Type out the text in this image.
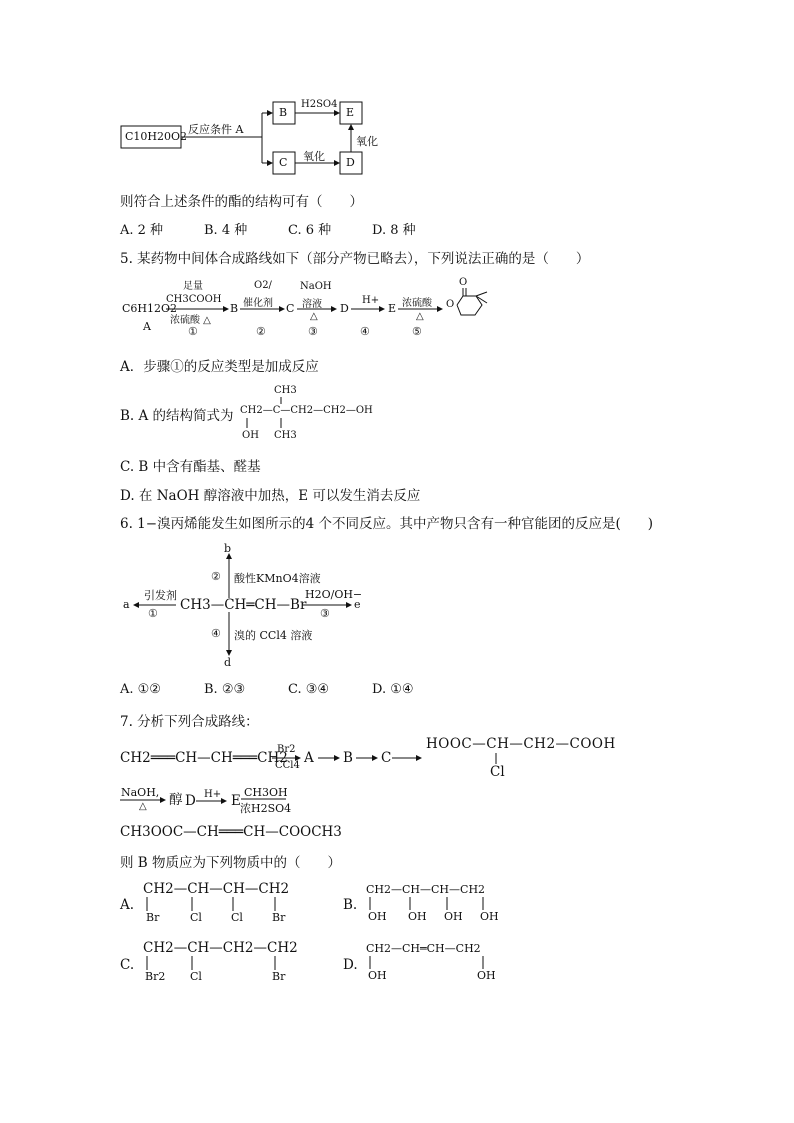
C10H20O2
反应条件 A
B
C
E
D
H2SO4
氧化
氧化
则符合上述条件的酯的结构可有（　　）
A. 2 种	B. 4 种	C. 6 种	D. 8 种
5. 某药物中间体合成路线如下（部分产物已略去），下列说法正确的是（　　）
C6H12O2
A
足量
CH3COOH
浓硫酸 △
①
B
O2/
催化剂
②
C
NaOH
溶液
△
③
D
H+
④
E 浓硫酸
△
⑤
O
O
A．步骤①的反应类型是加成反应
B. A 的结构简式为
CH3
CH2—C—CH2—CH2—OH
OH CH3
C. B 中含有酯基、醛基
D. 在 NaOH 醇溶液中加热，E 可以发生消去反应
6. 1−溴丙烯能发生如图所示的4 个不同反应。其中产物只含有一种官能团的反应是(　　)
b
② 酸性KMnO4溶液
a
引发剂
①
CH3—CH═CH—Br
H2O/OH−
③
e
④ 溴的 CCl4 溶液
d
A. ①②	B. ②③	C. ③④	D. ①④
7. 分析下列合成路线：
CH2═══CH—CH═══CH2
Br2
CCl4 A B C
HOOC—CH—CH2—COOH
Cl
NaOH,
△ 醇 D H+ E
CH3OH
浓H2SO4
CH3OOC—CH═══CH—COOCH3
则 B 物质应为下列物质中的（　　）
A.
CH2—CH—CH—CH2
Br	Cl	Cl	Br
B.
CH2—CH—CH—CH2
OH OH OH OH
C.
CH2—CH—CH2—CH2
Br2 Cl	Br
D.
CH2—CH═CH—CH2
OH	OH
